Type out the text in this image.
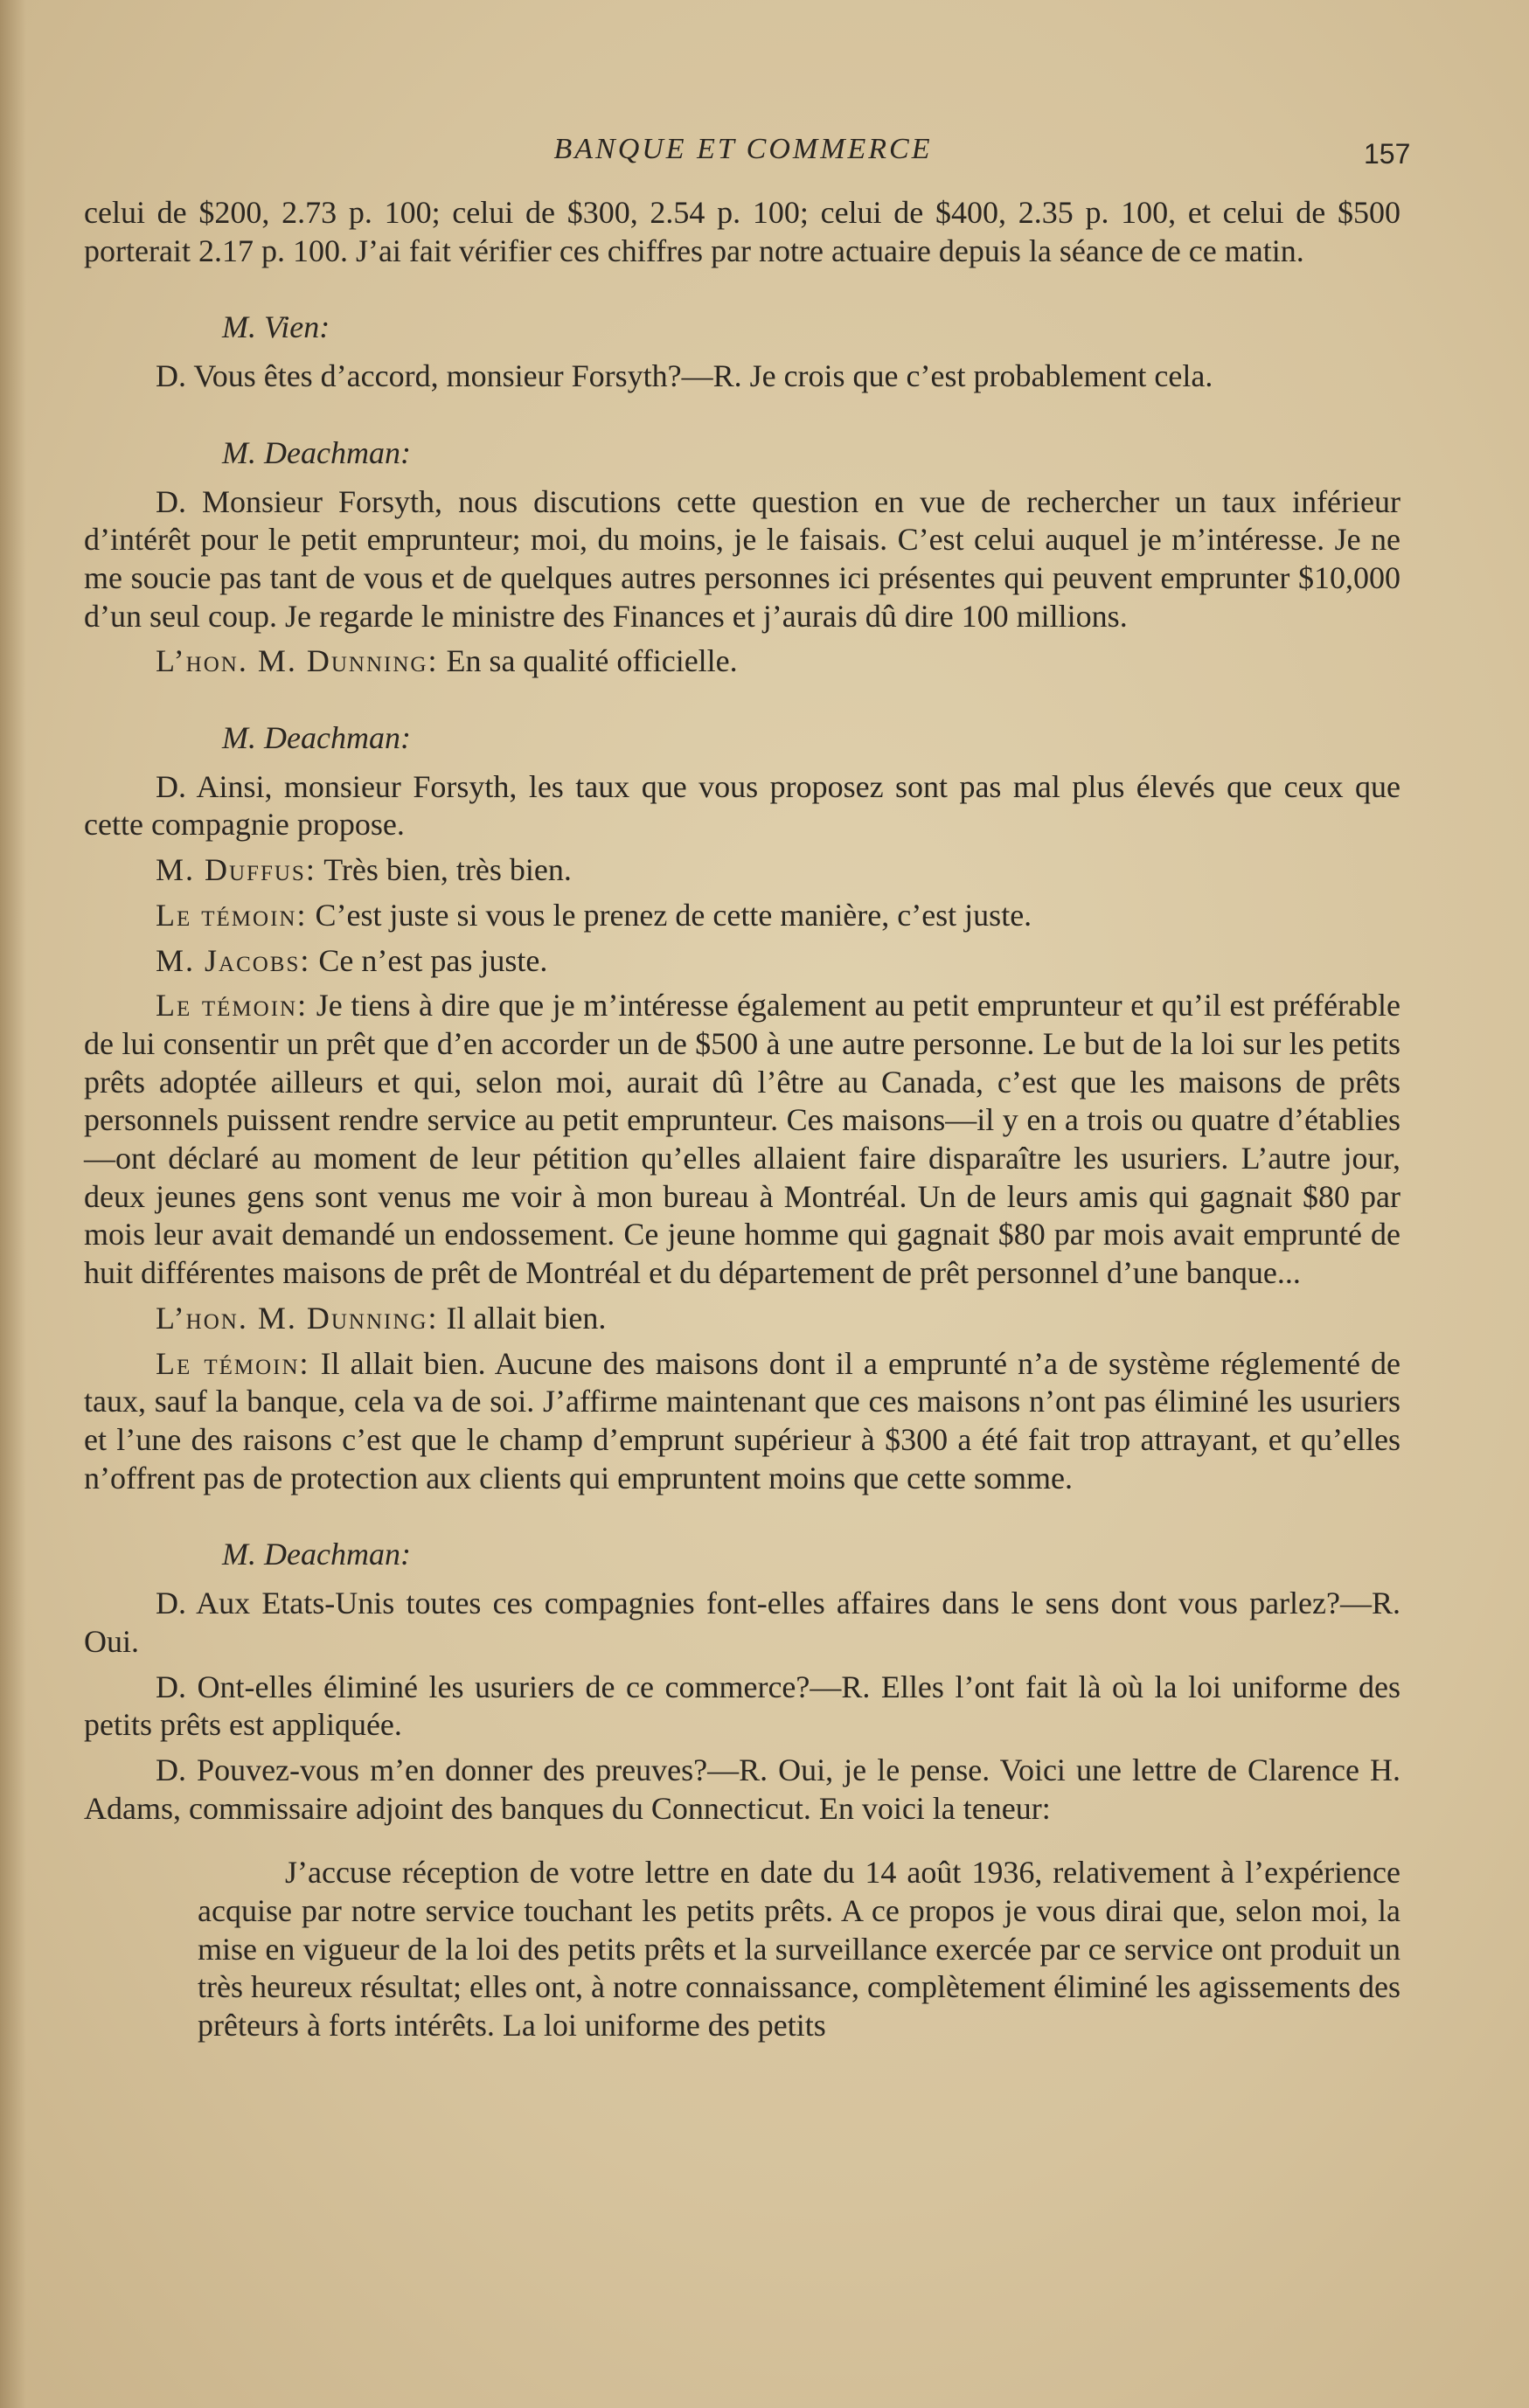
BANQUE ET COMMERCE	157

celui de $200, 2.73 p. 100; celui de $300, 2.54 p. 100; celui de $400, 2.35 p. 100, et celui de $500 porterait 2.17 p. 100. J’ai fait vérifier ces chiffres par notre actuaire depuis la séance de ce matin.

M. Vien:

D. Vous êtes d’accord, monsieur Forsyth?—R. Je crois que c’est probablement cela.

M. Deachman:

D. Monsieur Forsyth, nous discutions cette question en vue de rechercher un taux inférieur d’intérêt pour le petit emprunteur; moi, du moins, je le faisais. C’est celui auquel je m’intéresse. Je ne me soucie pas tant de vous et de quelques autres personnes ici présentes qui peuvent emprunter $10,000 d’un seul coup. Je regarde le ministre des Finances et j’aurais dû dire 100 millions.

L’hon. M. Dunning: En sa qualité officielle.

M. Deachman:

D. Ainsi, monsieur Forsyth, les taux que vous proposez sont pas mal plus élevés que ceux que cette compagnie propose.

M. Duffus: Très bien, très bien.

Le témoin: C’est juste si vous le prenez de cette manière, c’est juste.

M. Jacobs: Ce n’est pas juste.

Le témoin: Je tiens à dire que je m’intéresse également au petit emprunteur et qu’il est préférable de lui consentir un prêt que d’en accorder un de $500 à une autre personne. Le but de la loi sur les petits prêts adoptée ailleurs et qui, selon moi, aurait dû l’être au Canada, c’est que les maisons de prêts personnels puissent rendre service au petit emprunteur. Ces maisons—il y en a trois ou quatre d’établies—ont déclaré au moment de leur pétition qu’elles allaient faire disparaître les usuriers. L’autre jour, deux jeunes gens sont venus me voir à mon bureau à Montréal. Un de leurs amis qui gagnait $80 par mois leur avait demandé un endossement. Ce jeune homme qui gagnait $80 par mois avait emprunté de huit différentes maisons de prêt de Montréal et du département de prêt personnel d’une banque...

L’hon. M. Dunning: Il allait bien.

Le témoin: Il allait bien. Aucune des maisons dont il a emprunté n’a de système réglementé de taux, sauf la banque, cela va de soi. J’affirme maintenant que ces maisons n’ont pas éliminé les usuriers et l’une des raisons c’est que le champ d’emprunt supérieur à $300 a été fait trop attrayant, et qu’elles n’offrent pas de protection aux clients qui empruntent moins que cette somme.

M. Deachman:

D. Aux Etats-Unis toutes ces compagnies font-elles affaires dans le sens dont vous parlez?—R. Oui.

D. Ont-elles éliminé les usuriers de ce commerce?—R. Elles l’ont fait là où la loi uniforme des petits prêts est appliquée.

D. Pouvez-vous m’en donner des preuves?—R. Oui, je le pense. Voici une lettre de Clarence H. Adams, commissaire adjoint des banques du Connecticut. En voici la teneur:

J’accuse réception de votre lettre en date du 14 août 1936, relativement à l’expérience acquise par notre service touchant les petits prêts. A ce propos je vous dirai que, selon moi, la mise en vigueur de la loi des petits prêts et la surveillance exercée par ce service ont produit un très heureux résultat; elles ont, à notre connaissance, complètement éliminé les agissements des prêteurs à forts intérêts. La loi uniforme des petits
